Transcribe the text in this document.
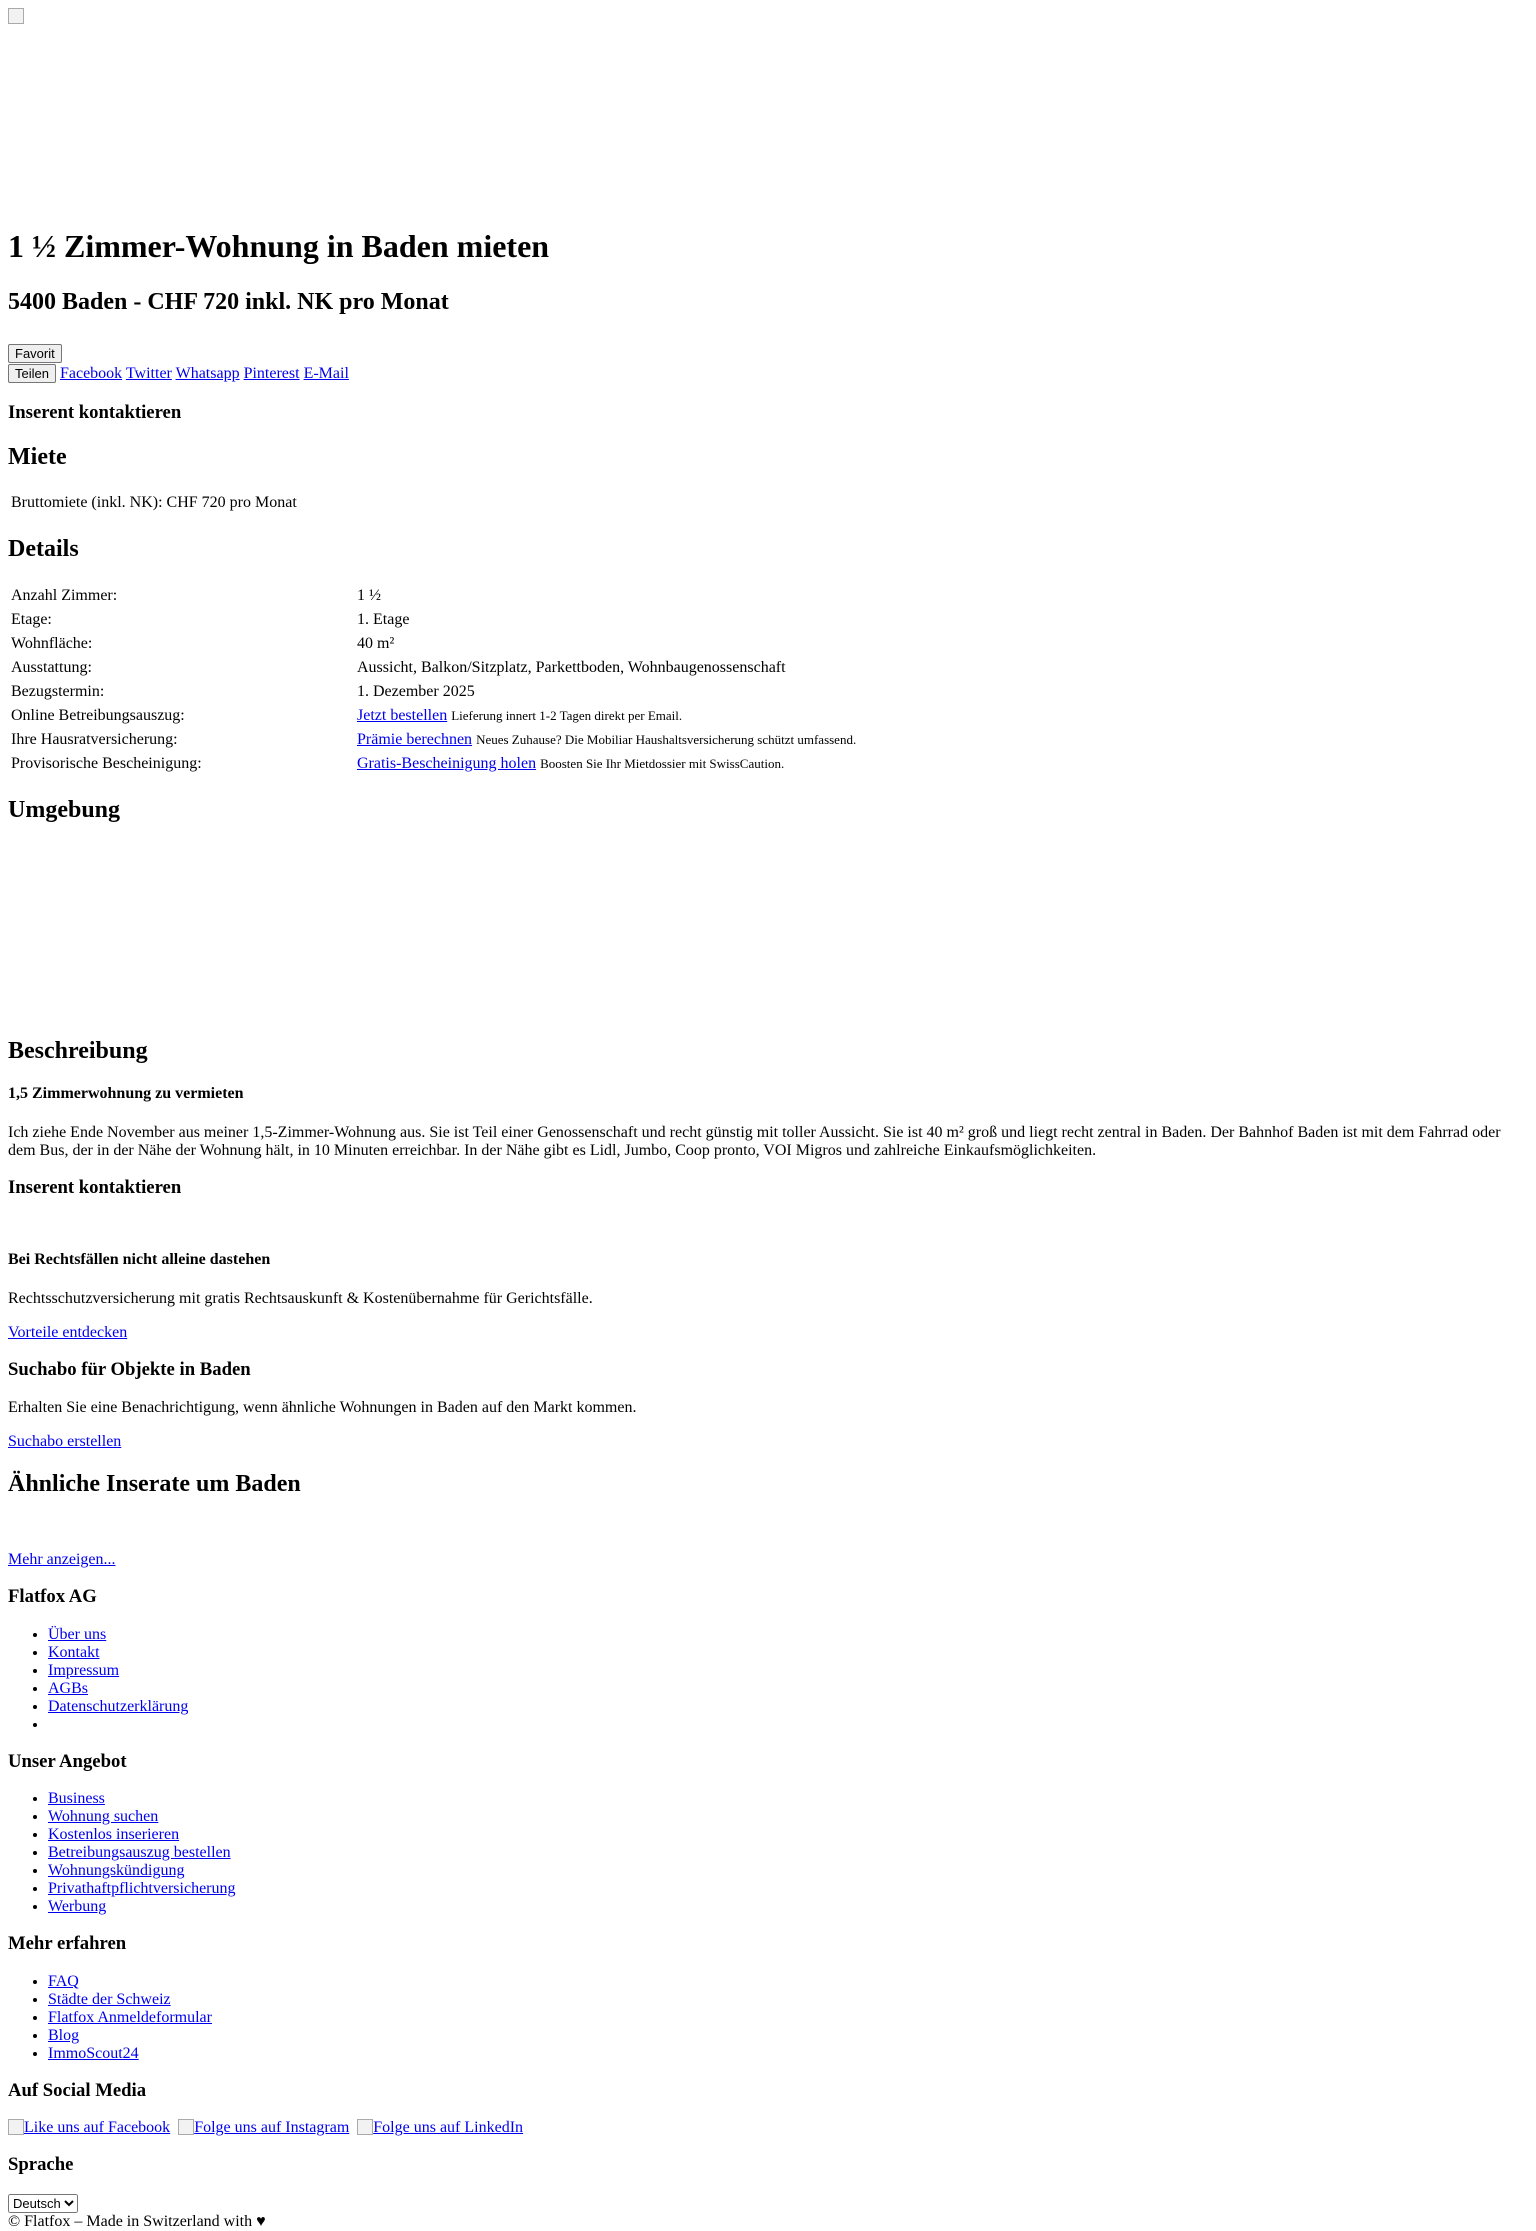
1 ½ Zimmer-Wohnung in Baden mieten
5400 Baden - CHF 720 inkl. NK pro Monat
Favorit
Teilen Facebook Twitter Whatsapp Pinterest E-Mail
Inserent kontaktieren
Miete
Bruttomiete (inkl. NK): CHF 720 pro Monat
Details
Anzahl Zimmer:	1 ½
Etage:	1. Etage
Wohnfläche:	40 m²
Ausstattung:	Aussicht, Balkon/Sitzplatz, Parkettboden, Wohnbaugenossenschaft
Bezugstermin:	1. Dezember 2025
Online Betreibungsauszug:	Jetzt bestellen Lieferung innert 1-2 Tagen direkt per Email.
Ihre Hausratversicherung:	Prämie berechnen Neues Zuhause? Die Mobiliar Haushaltsversicherung schützt umfassend.
Provisorische Bescheinigung:	Gratis-Bescheinigung holen Boosten Sie Ihr Mietdossier mit SwissCaution.
Umgebung
Beschreibung
1,5 Zimmerwohnung zu vermieten

Ich ziehe Ende November aus meiner 1,5-Zimmer-Wohnung aus. Sie ist Teil einer Genossenschaft und recht günstig mit toller Aussicht. Sie ist 40 m² groß und liegt recht zentral in Baden. Der Bahnhof Baden ist mit dem Fahrrad oder dem Bus, der in der Nähe der Wohnung hält, in 10 Minuten erreichbar. In der Nähe gibt es Lidl, Jumbo, Coop pronto, VOI Migros und zahlreiche Einkaufsmöglichkeiten.

Inserent kontaktieren
Bei Rechtsfällen nicht alleine dastehen

Rechtsschutzversicherung mit gratis Rechtsauskunft & Kostenübernahme für Gerichtsfälle.

Vorteile entdecken

Suchabo für Objekte in Baden

Erhalten Sie eine Benachrichtigung, wenn ähnliche Wohnungen in Baden auf den Markt kommen.

Suchabo erstellen

Ähnliche Inserate um Baden
Mehr anzeigen...
Flatfox AG
• Über uns
• Kontakt
• Impressum
• AGBs
• Datenschutzerklärung
•
Unser Angebot
• Business
• Wohnung suchen
• Kostenlos inserieren
• Betreibungsauszug bestellen
• Wohnungskündigung
• Privathaftpflichtversicherung
• Werbung
Mehr erfahren
• FAQ
• Städte der Schweiz
• Flatfox Anmeldeformular
• Blog
• ImmoScout24
Auf Social Media

Like uns auf Facebook Folge uns auf Instagram Folge uns auf LinkedIn

Sprache
Deutsch
© Flatfox – Made in Switzerland with ♥
